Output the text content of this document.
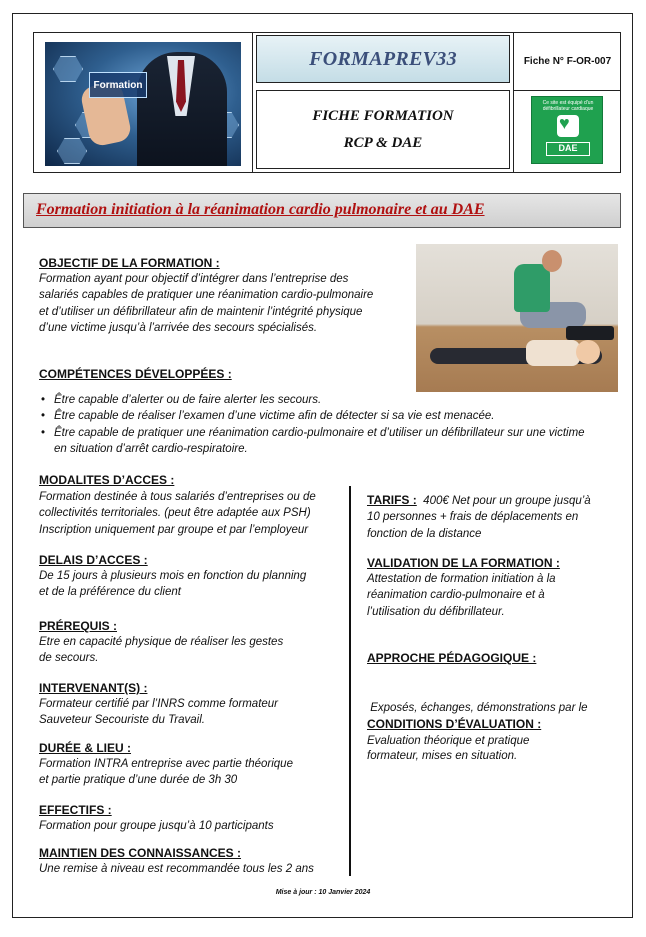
Formation
FORMAPREV33
FICHE FORMATION
RCP & DAE
Fiche N° F-OR-007
Ce site est équipé d'un défibrillateur cardiaque
♥
DAE
Formation initiation à la réanimation cardio pulmonaire et au DAE
OBJECTIF DE LA FORMATION :
Formation ayant pour objectif d’intégrer dans l’entreprise des
salariés capables de pratiquer une réanimation cardio-pulmonaire
et d’utiliser un défibrillateur afin de maintenir l’intégrité physique
d’une victime jusqu’à l’arrivée des secours spécialisés.
COMPÉTENCES DÉVELOPPÉES :
• Être capable d’alerter ou de faire alerter les secours.
• Être capable de réaliser l’examen d’une victime afin de détecter si sa vie est menacée.
• Être capable de pratiquer une réanimation cardio-pulmonaire et d’utiliser un défibrillateur sur une victime en situation d’arrêt cardio-respiratoire.
MODALITES D’ACCES :
Formation destinée à tous salariés d’entreprises ou de
collectivités territoriales. (peut être adaptée aux PSH)
Inscription uniquement par groupe et par l’employeur
DELAIS D’ACCES :
De 15 jours à plusieurs mois en fonction du planning
et de la préférence du client
PRÉREQUIS :
Etre en capacité physique de réaliser les gestes
de secours.
INTERVENANT(S) :
Formateur certifié par l’INRS comme formateur
Sauveteur Secouriste du Travail.
DURÉE & LIEU :
Formation INTRA entreprise avec partie théorique
et partie pratique d’une durée de 3h 30
EFFECTIFS :
Formation pour groupe jusqu’à 10 participants
MAINTIEN DES CONNAISSANCES :
Une remise à niveau est recommandée tous les 2 ans
TARIFS : 400€ Net pour un groupe jusqu’à
10 personnes + frais de déplacements en
fonction de la distance
VALIDATION DE LA FORMATION :
Attestation de formation initiation à la
réanimation cardio-pulmonaire et à
l’utilisation du défibrillateur.
APPROCHE PÉDAGOGIQUE :

Exposés, échanges, démonstrations par le

formateur, mises en situation.

CONDITIONS D’ÉVALUATION :
Evaluation théorique et pratique
Mise à jour : 10 Janvier 2024
